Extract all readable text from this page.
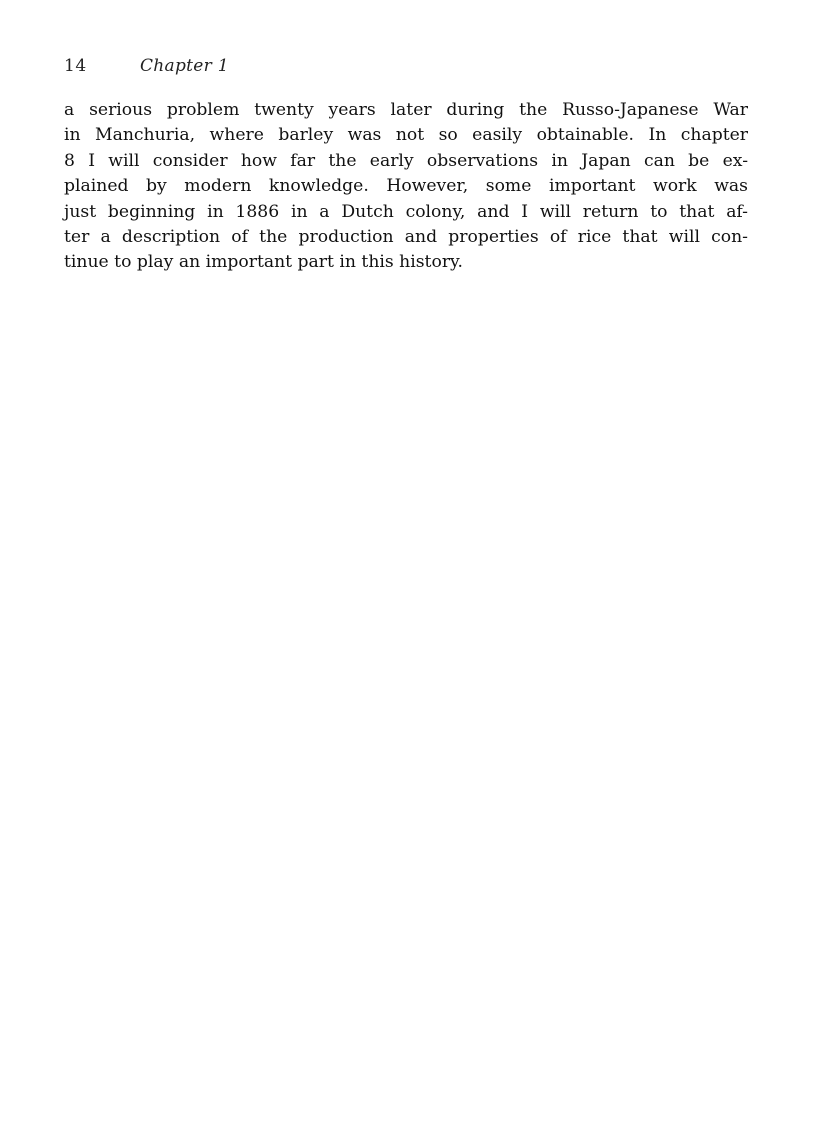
14	Chapter 1

a serious problem twenty years later during the Russo-Japanese War
in Manchuria, where barley was not so easily obtainable. In chapter
8 I will consider how far the early observations in Japan can be ex-
plained by modern knowledge. However, some important work was
just beginning in 1886 in a Dutch colony, and I will return to that af-
ter a description of the production and properties of rice that will con-
tinue to play an important part in this history.
